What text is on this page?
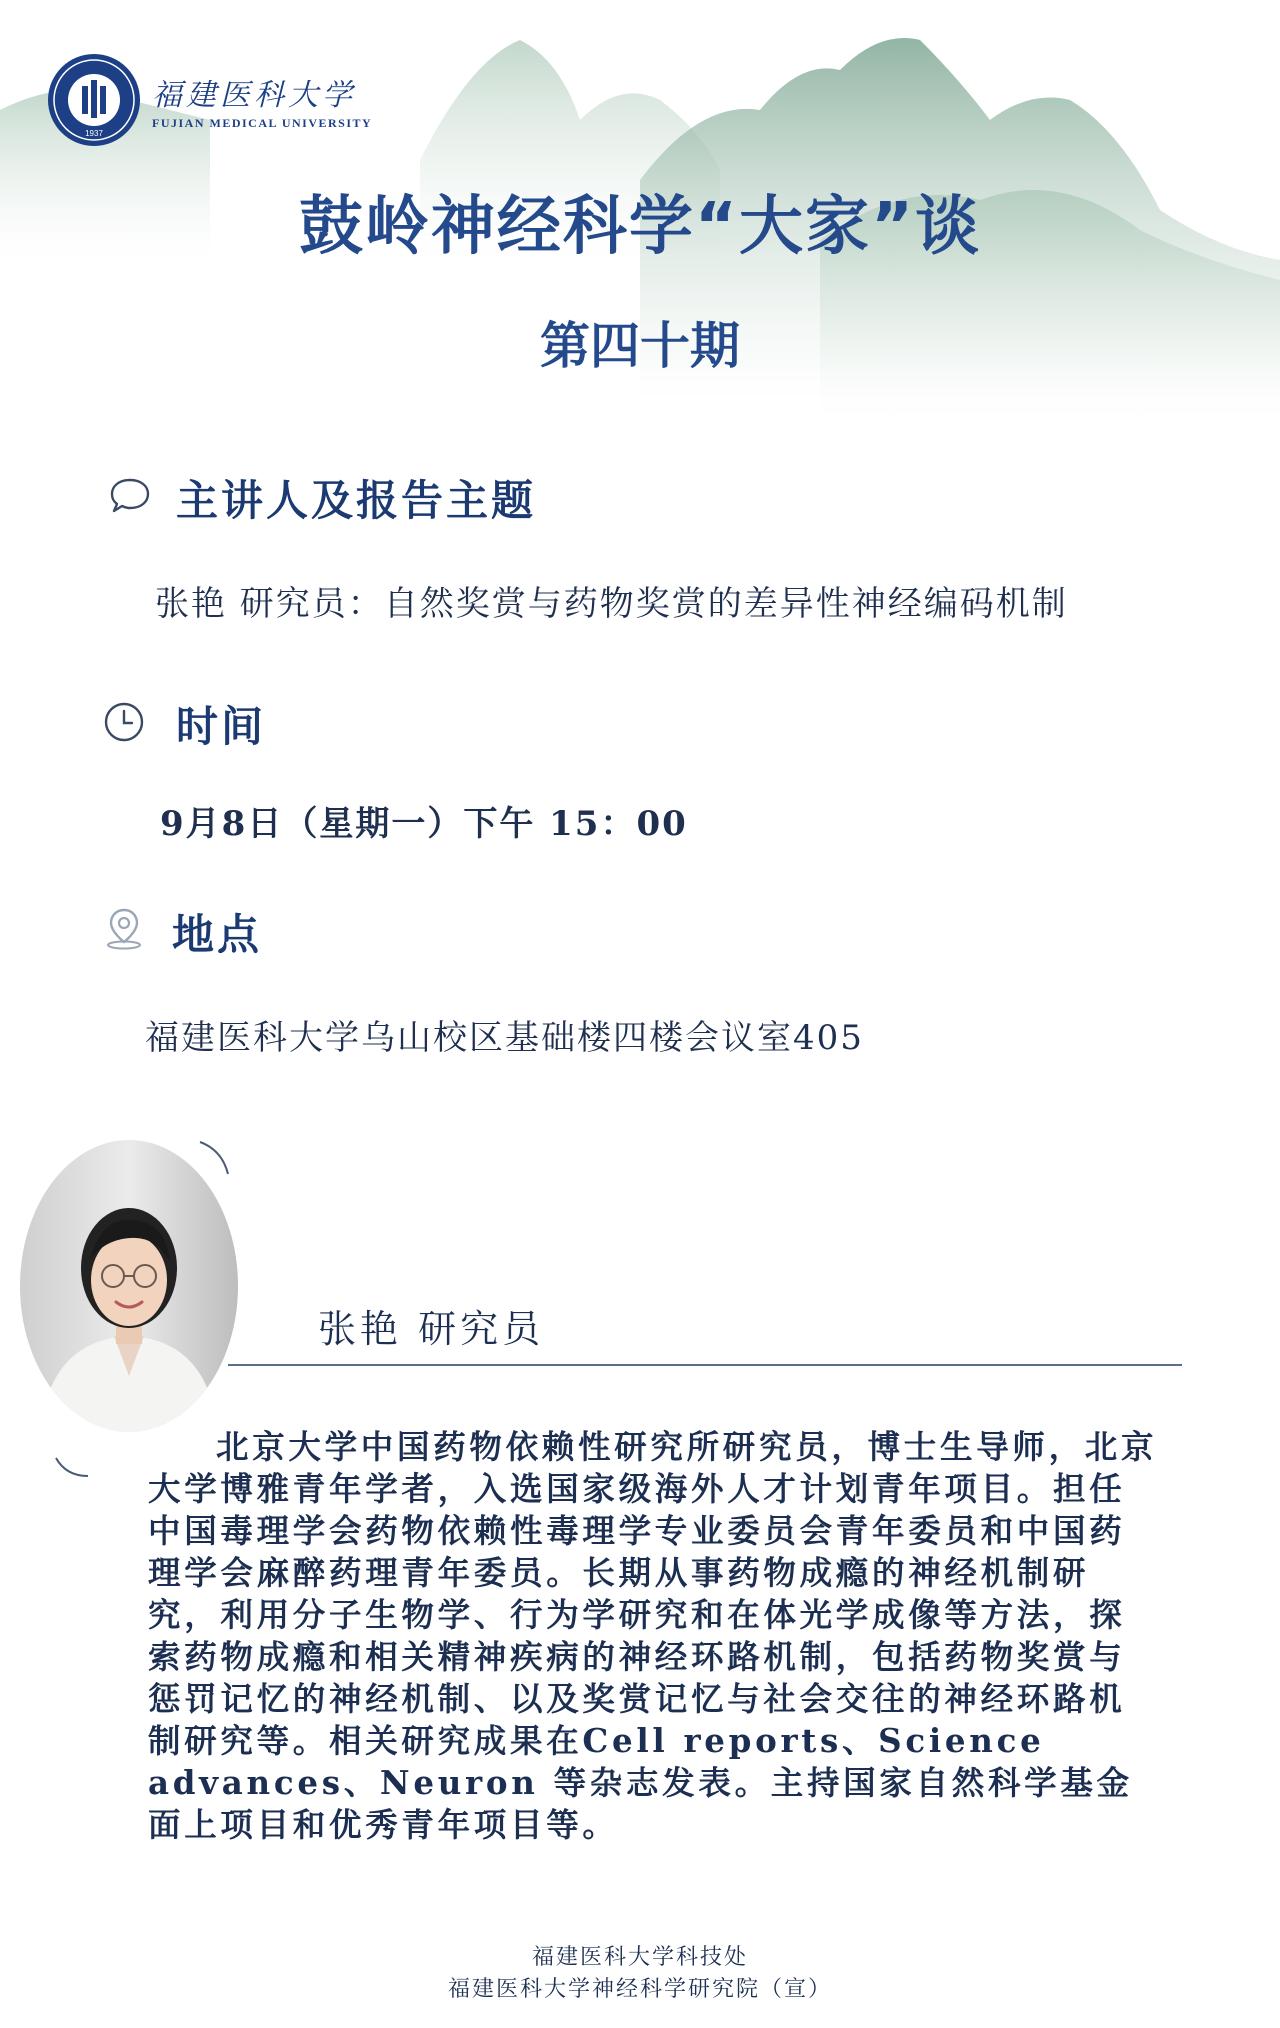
1937
福建医科大学
FUJIAN MEDICAL UNIVERSITY
鼓岭神经科学“大家”谈
第四十期
主讲人及报告主题
张艳 研究员：自然奖赏与药物奖赏的差异性神经编码机制
时间
9月8日（星期一）下午 15：00
地点
福建医科大学乌山校区基础楼四楼会议室405
张艳 研究员
北京大学中国药物依赖性研究所研究员，博士生导师，北京大学博雅青年学者，入选国家级海外人才计划青年项目。担任中国毒理学会药物依赖性毒理学专业委员会青年委员和中国药理学会麻醉药理青年委员。长期从事药物成瘾的神经机制研究，利用分子生物学、行为学研究和在体光学成像等方法，探索药物成瘾和相关精神疾病的神经环路机制，包括药物奖赏与惩罚记忆的神经机制、以及奖赏记忆与社会交往的神经环路机制研究等。相关研究成果在Cell reports、Science advances、Neuron 等杂志发表。主持国家自然科学基金面上项目和优秀青年项目等。
福建医科大学科技处
福建医科大学神经科学研究院（宣）
